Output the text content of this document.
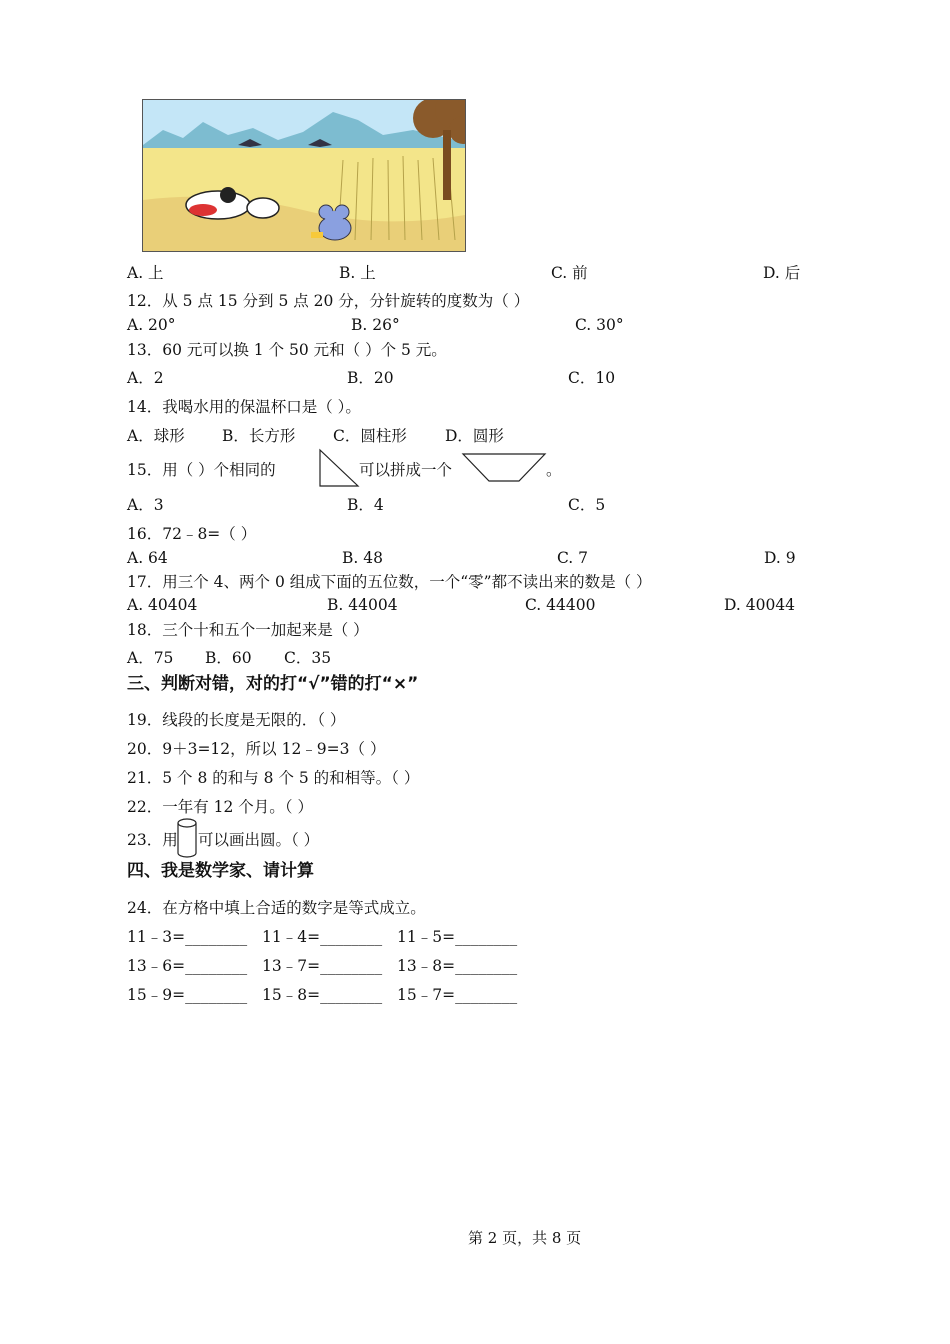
A. 上	B. 上	C. 前	D. 后
12．从 5 点 15 分到 5 点 20 分，分针旋转的度数为（ ）
A. 20°	B. 26°	C. 30°
13．60 元可以换 1 个 50 元和（ ）个 5 元。
A．2	B．20	C．10
14．我喝水用的保温杯口是（ ）。
A．球形 B．长方形 C．圆柱形 D．圆形
15．用（ ）个相同的	可以拼成一个	。
A．3	B．4	C．5
16．72﹣8=（ ）
A. 64	B. 48	C. 7	D. 9
17．用三个 4、两个 0 组成下面的五位数，一个“零”都不读出来的数是（ ）
A. 40404	B. 44004	C. 44400	D. 40044
18．三个十和五个一加起来是（ ）
A．75 B．60 C．35
三、判断对错，对的打“√”错的打“×”
19．线段的长度是无限的．（ ）
20．9＋3=12，所以 12﹣9=3（ ）
21．5 个 8 的和与 8 个 5 的和相等。（ ）
22．一年有 12 个月。（ ）
23．用 可以画出圆。（ ）
四、我是数学家、请计算
24．在方格中填上合适的数字是等式成立。
11﹣3=________ 11﹣4=________ 11﹣5=________
13﹣6=________ 13﹣7=________ 13﹣8=________
15﹣9=________ 15﹣8=________ 15﹣7=________
第 2 页，共 8 页
